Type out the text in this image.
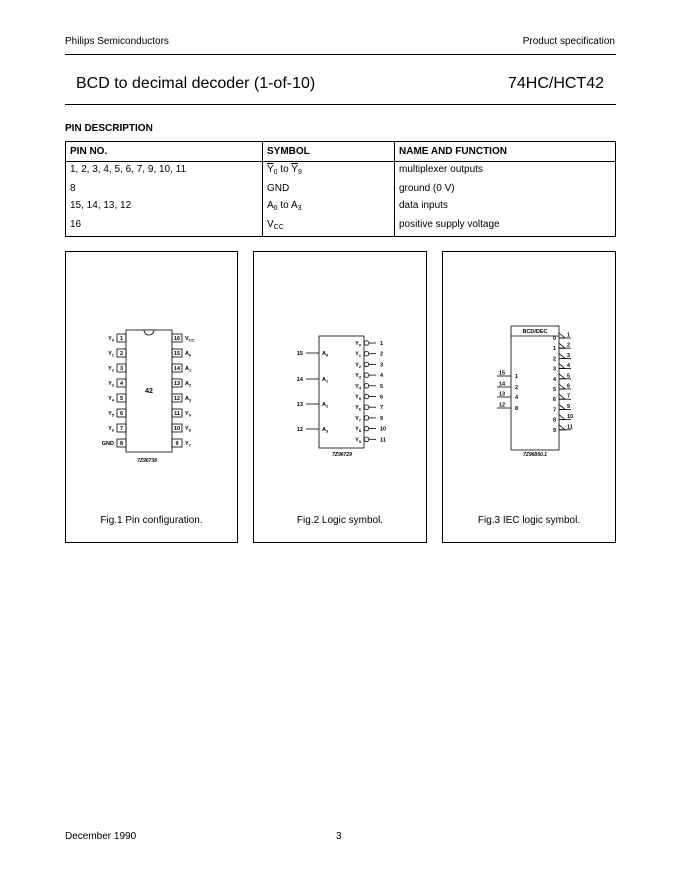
Philips Semiconductors	Product specification
BCD to decimal decoder (1-of-10)	74HC/HCT42
PIN DESCRIPTION
PIN NO.	SYMBOL	NAME AND FUNCTION
1, 2, 3, 4, 5, 6, 7, 9, 10, 11	$\overline{Y}_0$ to $\overline{Y}_9$	multiplexer outputs
8	GND	ground (0 V)
15, 14, 13, 12	$A_0$ to $A_3$	data inputs
16	$V_{CC}$	positive supply voltage
42
1
$Y_0$
2
$Y_1$
3
$Y_2$
4
$Y_3$
5
$Y_4$
6
$Y_5$
7
$Y_6$
8
GND
16 $V_{CC}$
15 $A_0$
14 $A_1$
13 $A_2$
12 $A_3$
11 $Y_9$
10 $Y_8$
9 $Y_7$
7Z96738
15	$A_0$
14	$A_1$
13	$A_2$
12	$A_3$
$Y_0$	1
$Y_1$	2
$Y_2$	3
$Y_3$	4
$Y_4$	5
$Y_5$	6
$Y_6$	7
$Y_7$	9
$Y_8$	10
$Y_9$	11
7Z96729
BCD/DEC
15
1
14
2
13
4
12
8
0
1
1
2
2
3
3
4
4
5
5
6
6
7
7
9
8
10
9
11
7Z96850.1
Fig.1 Pin configuration.	Fig.2 Logic symbol.	Fig.3 IEC logic symbol.
December 1990	3
